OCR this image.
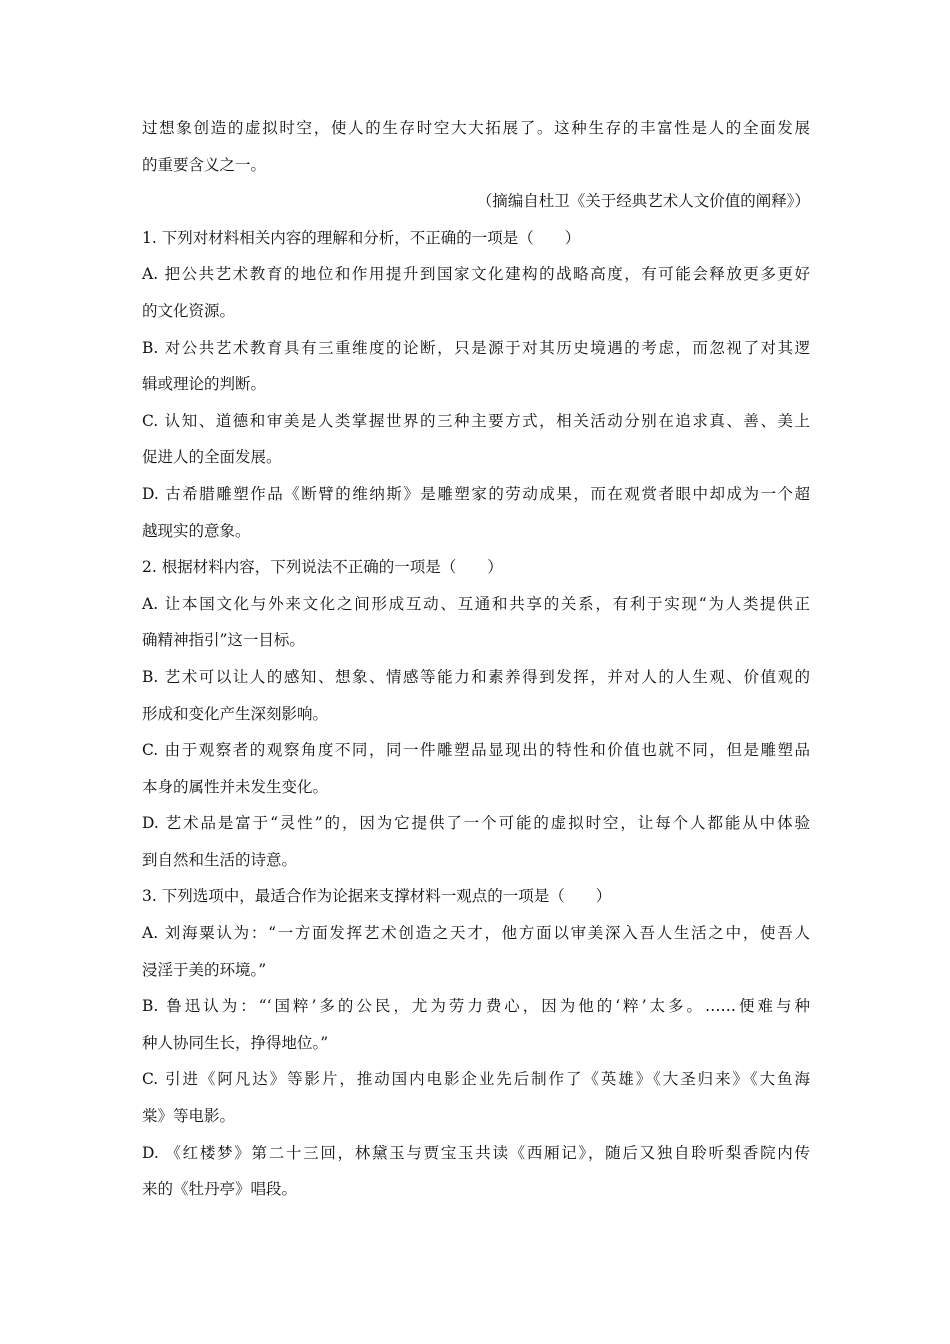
过想象创造的虚拟时空，使人的生存时空大大拓展了。这种生存的丰富性是人的全面发展
的重要含义之一。
（摘编自杜卫《关于经典艺术人文价值的阐释》）
1. 下列对材料相关内容的理解和分析，不正确的一项是（　　）
A. 把公共艺术教育的地位和作用提升到国家文化建构的战略高度，有可能会释放更多更好
的文化资源。
B. 对公共艺术教育具有三重维度的论断，只是源于对其历史境遇的考虑，而忽视了对其逻
辑或理论的判断。
C. 认知、道德和审美是人类掌握世界的三种主要方式，相关活动分别在追求真、善、美上
促进人的全面发展。
D. 古希腊雕塑作品《断臂的维纳斯》是雕塑家的劳动成果，而在观赏者眼中却成为一个超
越现实的意象。
2. 根据材料内容，下列说法不正确的一项是（　　）
A. 让本国文化与外来文化之间形成互动、互通和共享的关系，有利于实现“为人类提供正
确精神指引”这一目标。
B. 艺术可以让人的感知、想象、情感等能力和素养得到发挥，并对人的人生观、价值观的
形成和变化产生深刻影响。
C. 由于观察者的观察角度不同，同一件雕塑品显现出的特性和价值也就不同，但是雕塑品
本身的属性并未发生变化。
D. 艺术品是富于“灵性”的，因为它提供了一个可能的虚拟时空，让每个人都能从中体验
到自然和生活的诗意。
3. 下列选项中，最适合作为论据来支撑材料一观点的一项是（　　）
A. 刘海粟认为：“一方面发挥艺术创造之天才，他方面以审美深入吾人生活之中，使吾人
浸淫于美的环境。”
B. 鲁迅认为：“‘国粹’多的公民，尤为劳力费心，因为他的‘粹’太多。……便难与种
种人协同生长，挣得地位。”
C. 引进《阿凡达》等影片，推动国内电影企业先后制作了《英雄》《大圣归来》《大鱼海
棠》等电影。
D. 《红楼梦》第二十三回，林黛玉与贾宝玉共读《西厢记》，随后又独自聆听梨香院内传
来的《牡丹亭》唱段。
